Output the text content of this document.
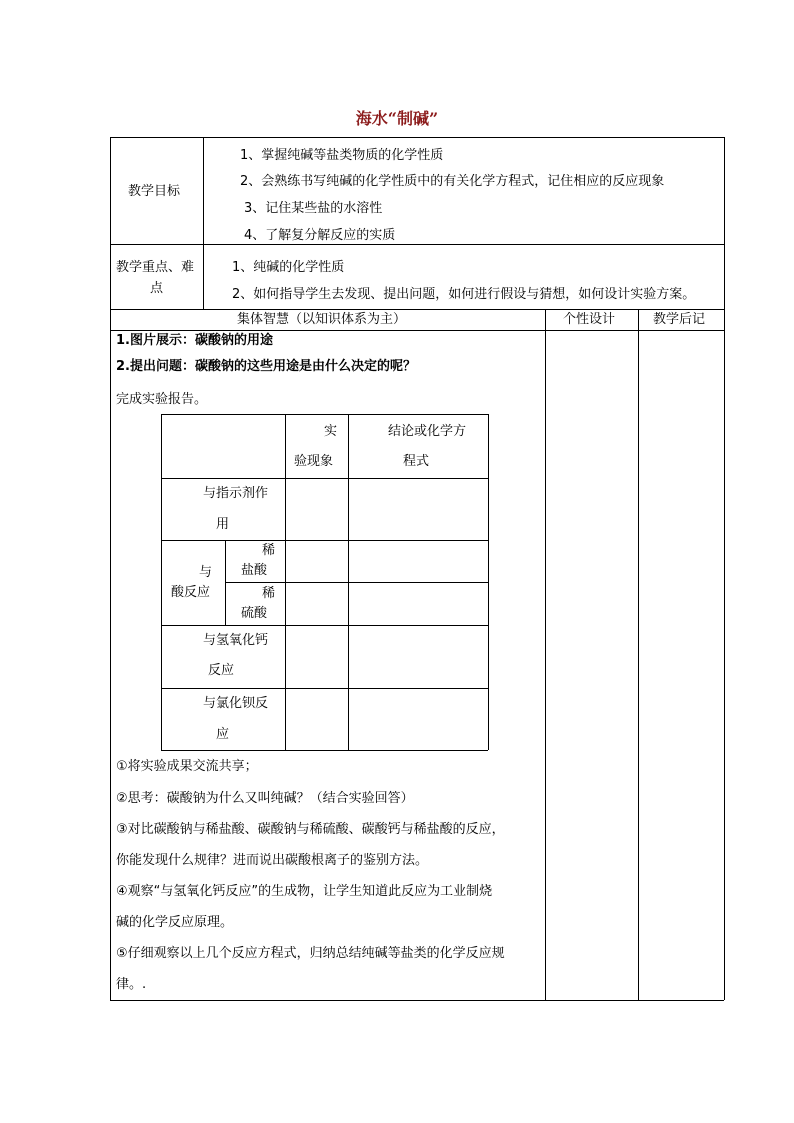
海水“制碱”
教学目标
1、掌握纯碱等盐类物质的化学性质
2、会熟练书写纯碱的化学性质中的有关化学方程式，记住相应的反应现象
3、记住某些盐的水溶性
4、了解复分解反应的实质
教学重点、难
点
1、纯碱的化学性质
2、如何指导学生去发现、提出问题，如何进行假设与猜想，如何设计实验方案。
集体智慧（以知识体系为主）	个性设计	教学后记
1.图片展示：碳酸钠的用途
2.提出问题：碳酸钠的这些用途是由什么决定的呢？
完成实验报告。
实
验现象
结论或化学方
程式
与指示剂作
用
与
酸反应
稀
盐酸
稀
硫酸
与氢氧化钙
反应
与氯化钡反
应
①将实验成果交流共享；
②思考：碳酸钠为什么又叫纯碱？（结合实验回答）
③对比碳酸钠与稀盐酸、碳酸钠与稀硫酸、碳酸钙与稀盐酸的反应，
你能发现什么规律？进而说出碳酸根离子的鉴别方法。
④观察“与氢氧化钙反应”的生成物，让学生知道此反应为工业制烧
碱的化学反应原理。
⑤仔细观察以上几个反应方程式，归纳总结纯碱等盐类的化学反应规
律。.
